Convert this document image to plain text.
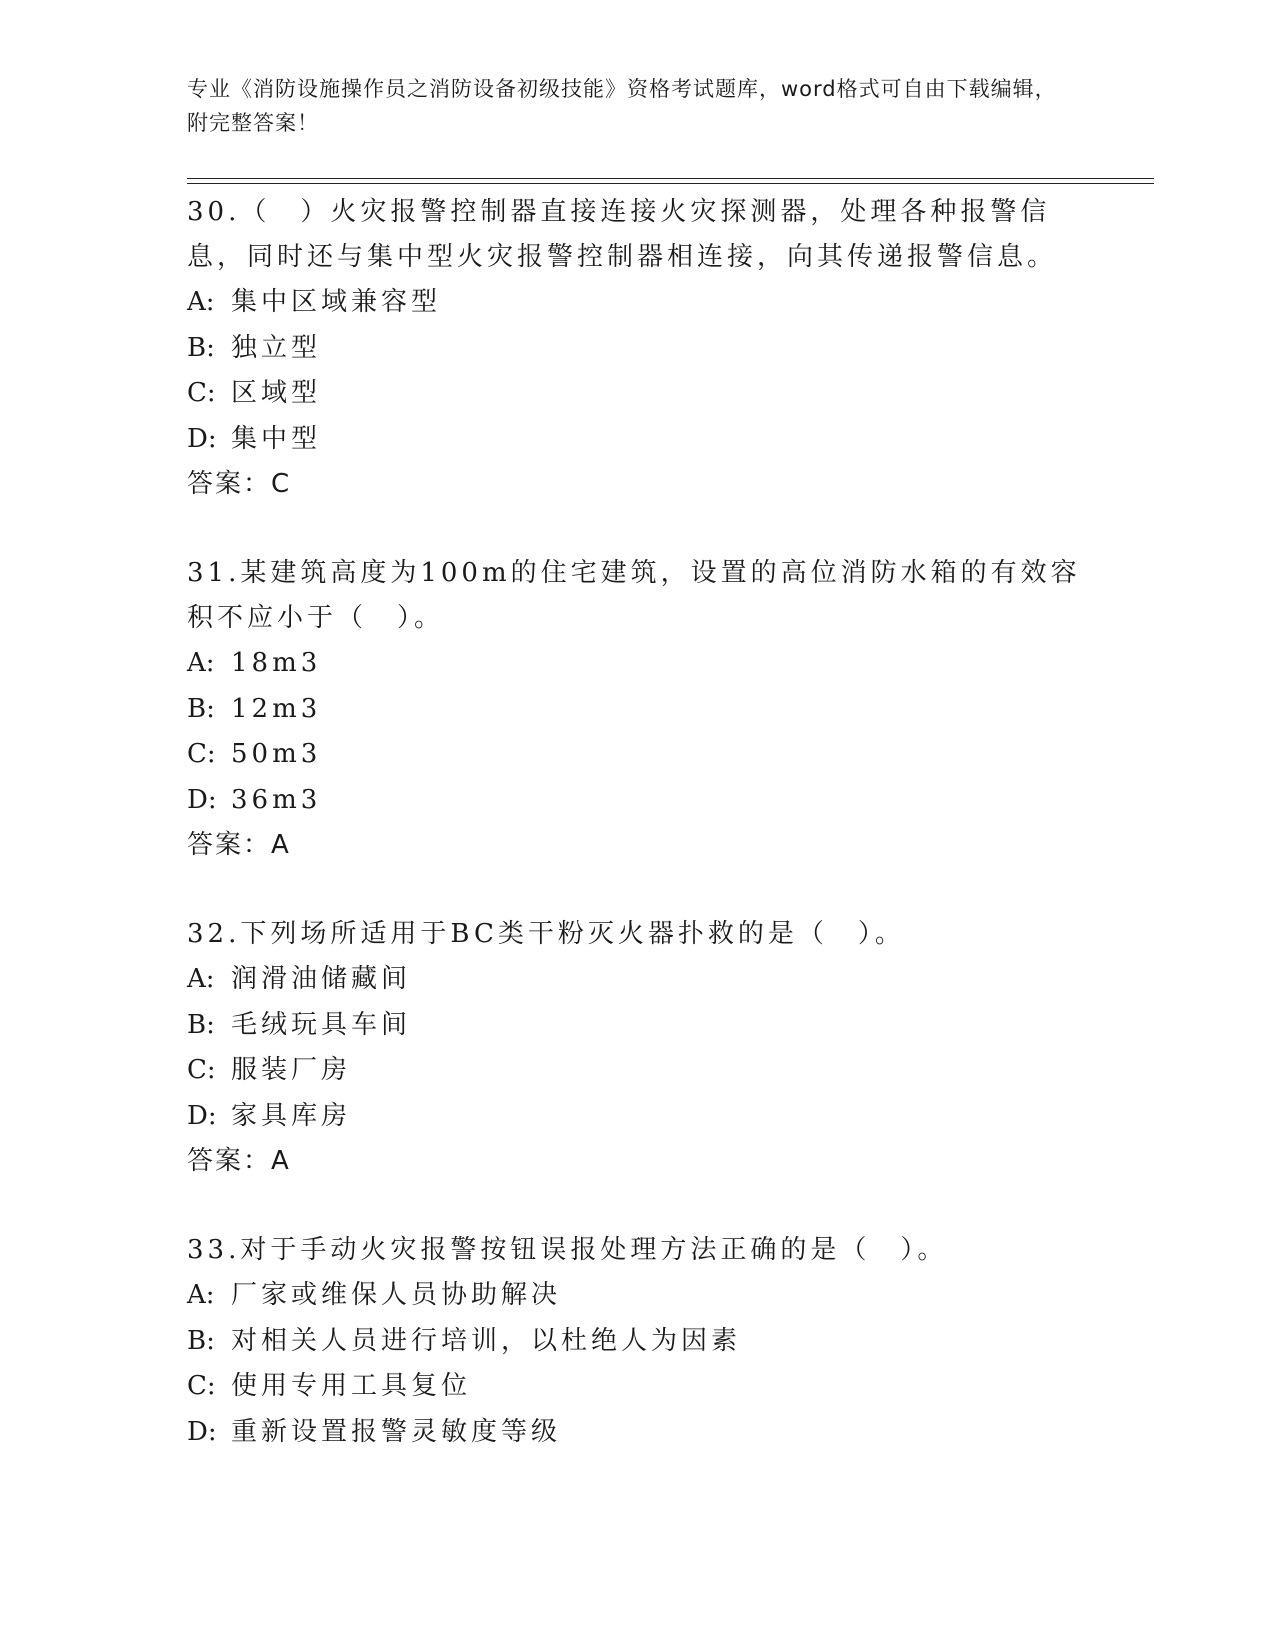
专业《消防设施操作员之消防设备初级技能》资格考试题库，word格式可自由下载编辑，附完整答案！
30.（　）火灾报警控制器直接连接火灾探测器，处理各种报警信息，同时还与集中型火灾报警控制器相连接，向其传递报警信息。
A: 集中区域兼容型
B: 独立型
C: 区域型
D: 集中型
答案：C
31.某建筑高度为100m的住宅建筑，设置的高位消防水箱的有效容积不应小于（　）。
A: 18m3
B: 12m3
C: 50m3
D: 36m3
答案：A
32.下列场所适用于BC类干粉灭火器扑救的是（　）。
A: 润滑油储藏间
B: 毛绒玩具车间
C: 服装厂房
D: 家具库房
答案：A
33.对于手动火灾报警按钮误报处理方法正确的是（　）。
A: 厂家或维保人员协助解决
B: 对相关人员进行培训，以杜绝人为因素
C: 使用专用工具复位
D: 重新设置报警灵敏度等级
